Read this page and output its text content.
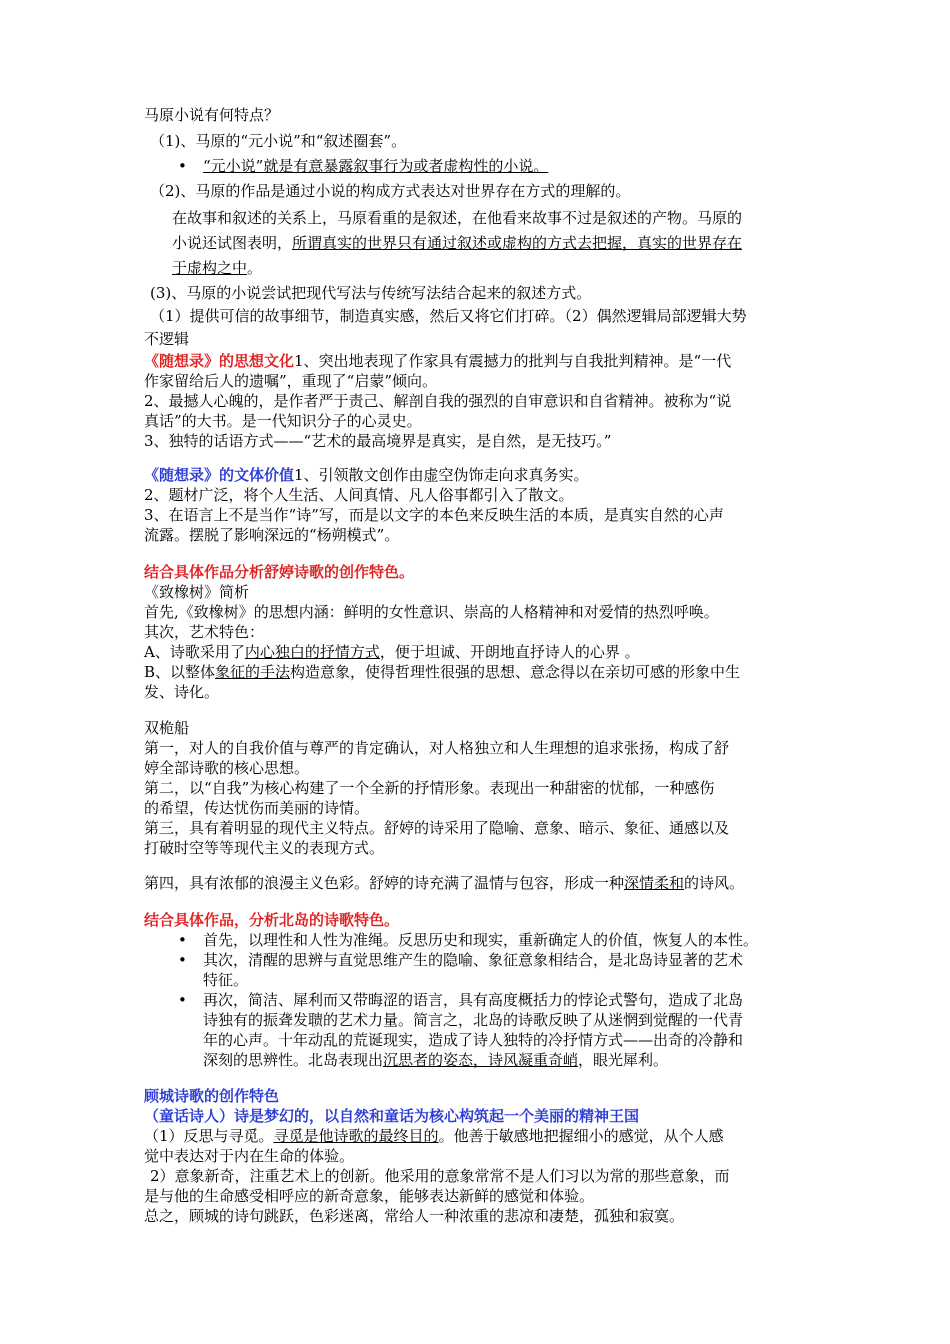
马原小说有何特点？
（1)、马原的“元小说”和“叙述圈套”。
• “元小说”就是有意暴露叙事行为或者虚构性的小说。
（2)、马原的作品是通过小说的构成方式表达对世界存在方式的理解的。
在故事和叙述的关系上，马原看重的是叙述，在他看来故事不过是叙述的产物。马原的
小说还试图表明，所谓真实的世界只有通过叙述或虚构的方式去把握，真实的世界存在
于虚构之中。
(3)、马原的小说尝试把现代写法与传统写法结合起来的叙述方式。
（1）提供可信的故事细节，制造真实感，然后又将它们打碎。（2）偶然逻辑局部逻辑大势
不逻辑
《随想录》的思想文化1、突出地表现了作家具有震撼力的批判与自我批判精神。是“一代
作家留给后人的遗嘱”，重现了“启蒙”倾向。
2、最撼人心魄的，是作者严于责己、解剖自我的强烈的自审意识和自省精神。被称为“说
真话”的大书。是一代知识分子的心灵史。
3、独特的话语方式——“艺术的最高境界是真实，是自然，是无技巧。”
《随想录》的文体价值1、引领散文创作由虚空伪饰走向求真务实。
2、题材广泛，将个人生活、人间真情、凡人俗事都引入了散文。
3、在语言上不是当作“诗”写，而是以文字的本色来反映生活的本质，是真实自然的心声
流露。摆脱了影响深远的“杨朔模式”。
结合具体作品分析舒婷诗歌的创作特色。
《致橡树》简析
首先,《致橡树》的思想内涵：鲜明的女性意识、崇高的人格精神和对爱情的热烈呼唤。
其次，艺术特色：
A、诗歌采用了内心独白的抒情方式，便于坦诚、开朗地直抒诗人的心界 。
B、以整体象征的手法构造意象，使得哲理性很强的思想、意念得以在亲切可感的形象中生
发、诗化。
双桅船
第一，对人的自我价值与尊严的肯定确认，对人格独立和人生理想的追求张扬，构成了舒
婷全部诗歌的核心思想。
第二，以“自我”为核心构建了一个全新的抒情形象。表现出一种甜密的忧郁，一种感伤
的希望，传达忧伤而美丽的诗情。
第三，具有着明显的现代主义特点。舒婷的诗采用了隐喻、意象、暗示、象征、通感以及
打破时空等等现代主义的表现方式。
第四，具有浓郁的浪漫主义色彩。舒婷的诗充满了温情与包容，形成一种深情柔和的诗风。
结合具体作品，分析北岛的诗歌特色。
• 首先，以理性和人性为准绳。反思历史和现实，重新确定人的价值，恢复人的本性。
• 其次，清醒的思辨与直觉思维产生的隐喻、象征意象相结合，是北岛诗显著的艺术
特征。
• 再次，简洁、犀利而又带晦涩的语言，具有高度概括力的悖论式警句，造成了北岛
诗独有的振聋发聩的艺术力量。简言之，北岛的诗歌反映了从迷惘到觉醒的一代青
年的心声。十年动乱的荒诞现实，造成了诗人独特的冷抒情方式——出奇的冷静和
深刻的思辨性。北岛表现出沉思者的姿态，诗风凝重奇峭，眼光犀利。
顾城诗歌的创作特色
（童话诗人）诗是梦幻的，以自然和童话为核心构筑起一个美丽的精神王国
（1）反思与寻觅。寻觅是他诗歌的最终目的。他善于敏感地把握细小的感觉，从个人感
觉中表达对于内在生命的体验。
2）意象新奇，注重艺术上的创新。他采用的意象常常不是人们习以为常的那些意象，而
是与他的生命感受相呼应的新奇意象，能够表达新鲜的感觉和体验。
总之，顾城的诗句跳跃，色彩迷离，常给人一种浓重的悲凉和凄楚，孤独和寂寞。
